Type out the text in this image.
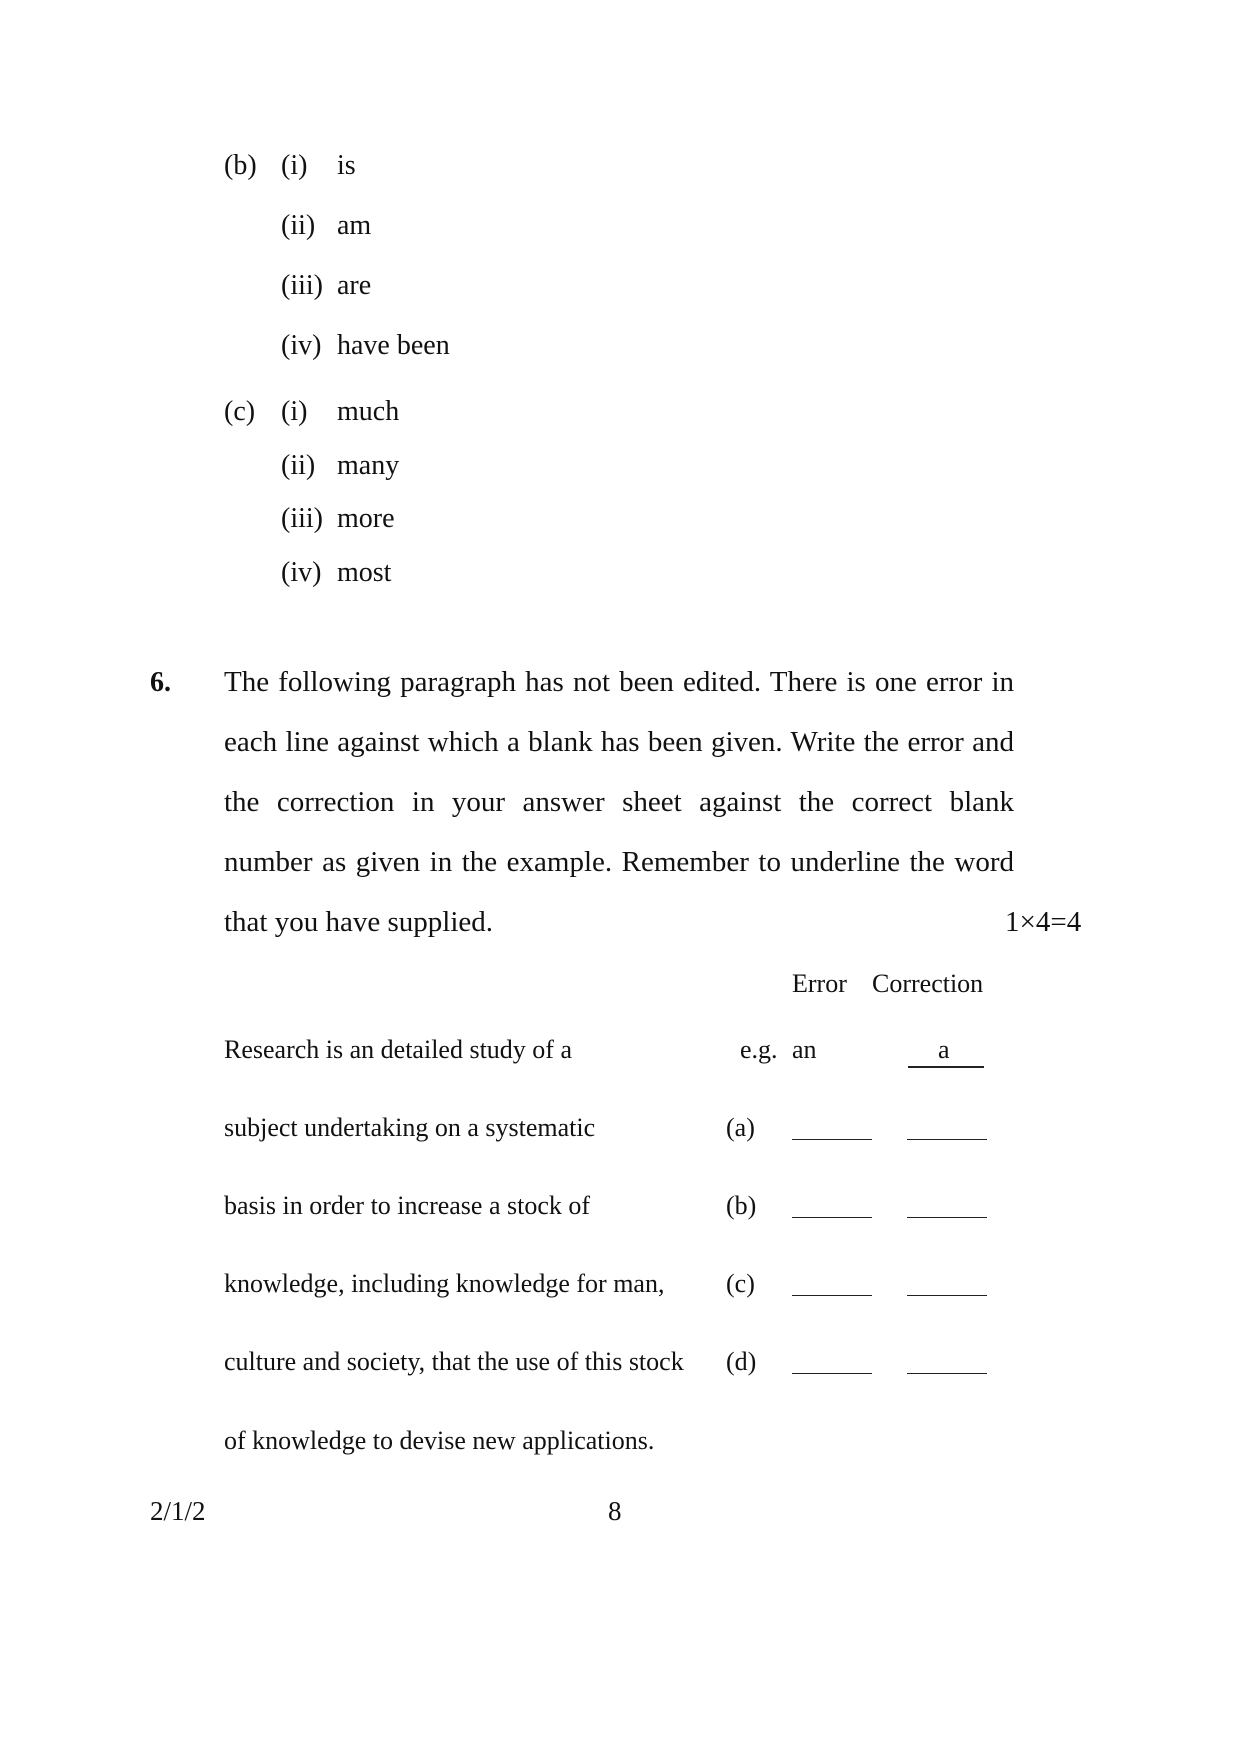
(b) (i) is
(ii) am
(iii) are
(iv) have been
(c) (i) much
(ii) many
(iii) more
(iv) most
6. The following paragraph has not been edited. There is one error in
each line against which a blank has been given. Write the error and
the correction in your answer sheet against the correct blank
number as given in the example. Remember to underline the word
that you have supplied.	1×4=4
Error Correction
Research is an detailed study of a	e.g. an	a
subject undertaking on a systematic	(a)
basis in order to increase a stock of	(b)
knowledge, including knowledge for man, (c)
culture and society, that the use of this stock (d)
of knowledge to devise new applications.
2/1/2	8
